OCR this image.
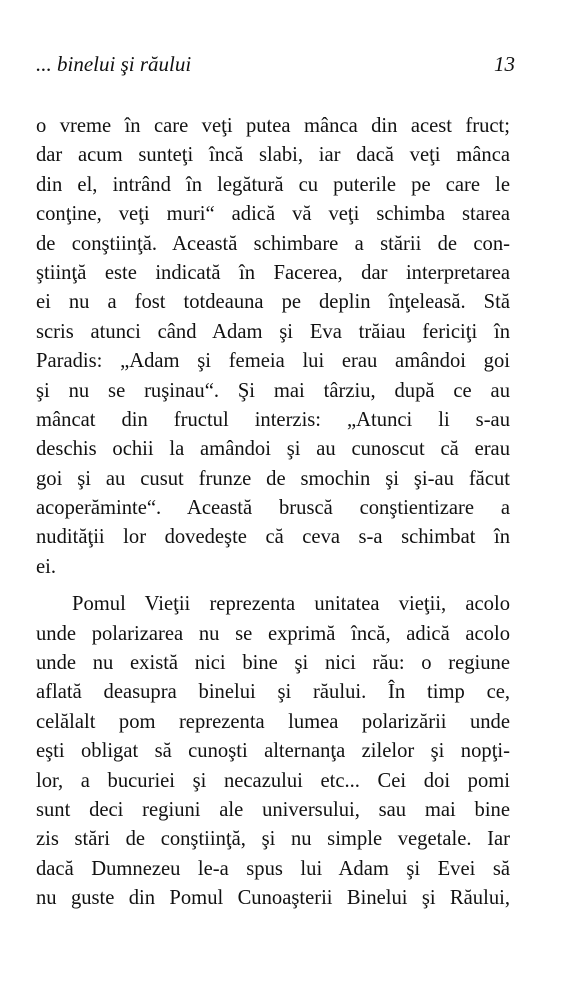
... binelui şi răului	13
o vreme în care veţi putea mânca din acest fruct;
dar acum sunteţi încă slabi, iar dacă veţi mânca
din el, intrând în legătură cu puterile pe care le
conţine, veţi muri“ adică vă veţi schimba starea
de conştiinţă. Această schimbare a stării de con-
ştiinţă este indicată în Facerea, dar interpretarea
ei nu a fost totdeauna pe deplin înţeleasă. Stă
scris atunci când Adam şi Eva trăiau fericiţi în
Paradis: „Adam şi femeia lui erau amândoi goi
şi nu se ruşinau“. Şi mai târziu, după ce au
mâncat din fructul interzis: „Atunci li s-au
deschis ochii la amândoi şi au cunoscut că erau
goi şi au cusut frunze de smochin şi şi-au făcut
acoperăminte“. Această bruscă conştientizare a
nudităţii lor dovedeşte că ceva s-a schimbat în
ei.
Pomul Vieţii reprezenta unitatea vieţii, acolo
unde polarizarea nu se exprimă încă, adică acolo
unde nu există nici bine şi nici rău: o regiune
aflată deasupra binelui şi răului. În timp ce,
celălalt pom reprezenta lumea polarizării unde
eşti obligat să cunoşti alternanţa zilelor şi nopţi-
lor, a bucuriei şi necazului etc... Cei doi pomi
sunt deci regiuni ale universului, sau mai bine
zis stări de conştiinţă, şi nu simple vegetale. Iar
dacă Dumnezeu le-a spus lui Adam şi Evei să
nu guste din Pomul Cunoaşterii Binelui şi Răului,
